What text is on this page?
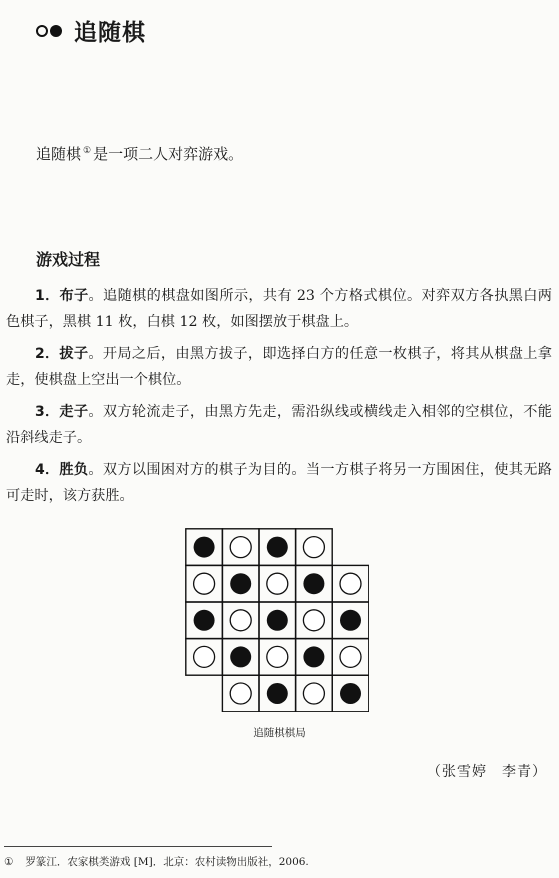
追随棋
追随棋 ① 是一项二人对弈游戏。
游戏过程

1．布子。追随棋的棋盘如图所示，共有 23 个方格式棋位。对弈双方各执黑白两色棋子，黑棋 11 枚，白棋 12 枚，如图摆放于棋盘上。

2．拔子。开局之后，由黑方拔子，即选择白方的任意一枚棋子，将其从棋盘上拿走，使棋盘上空出一个棋位。

3．走子。双方轮流走子，由黑方先走，需沿纵线或横线走入相邻的空棋位，不能沿斜线走子。

4．胜负。双方以围困对方的棋子为目的。当一方棋子将另一方围困住，使其无路可走时，该方获胜。

追随棋棋局
（张雪婷　李青）
① 罗篆江．农家棋类游戏 [M]．北京：农村读物出版社，2006.
